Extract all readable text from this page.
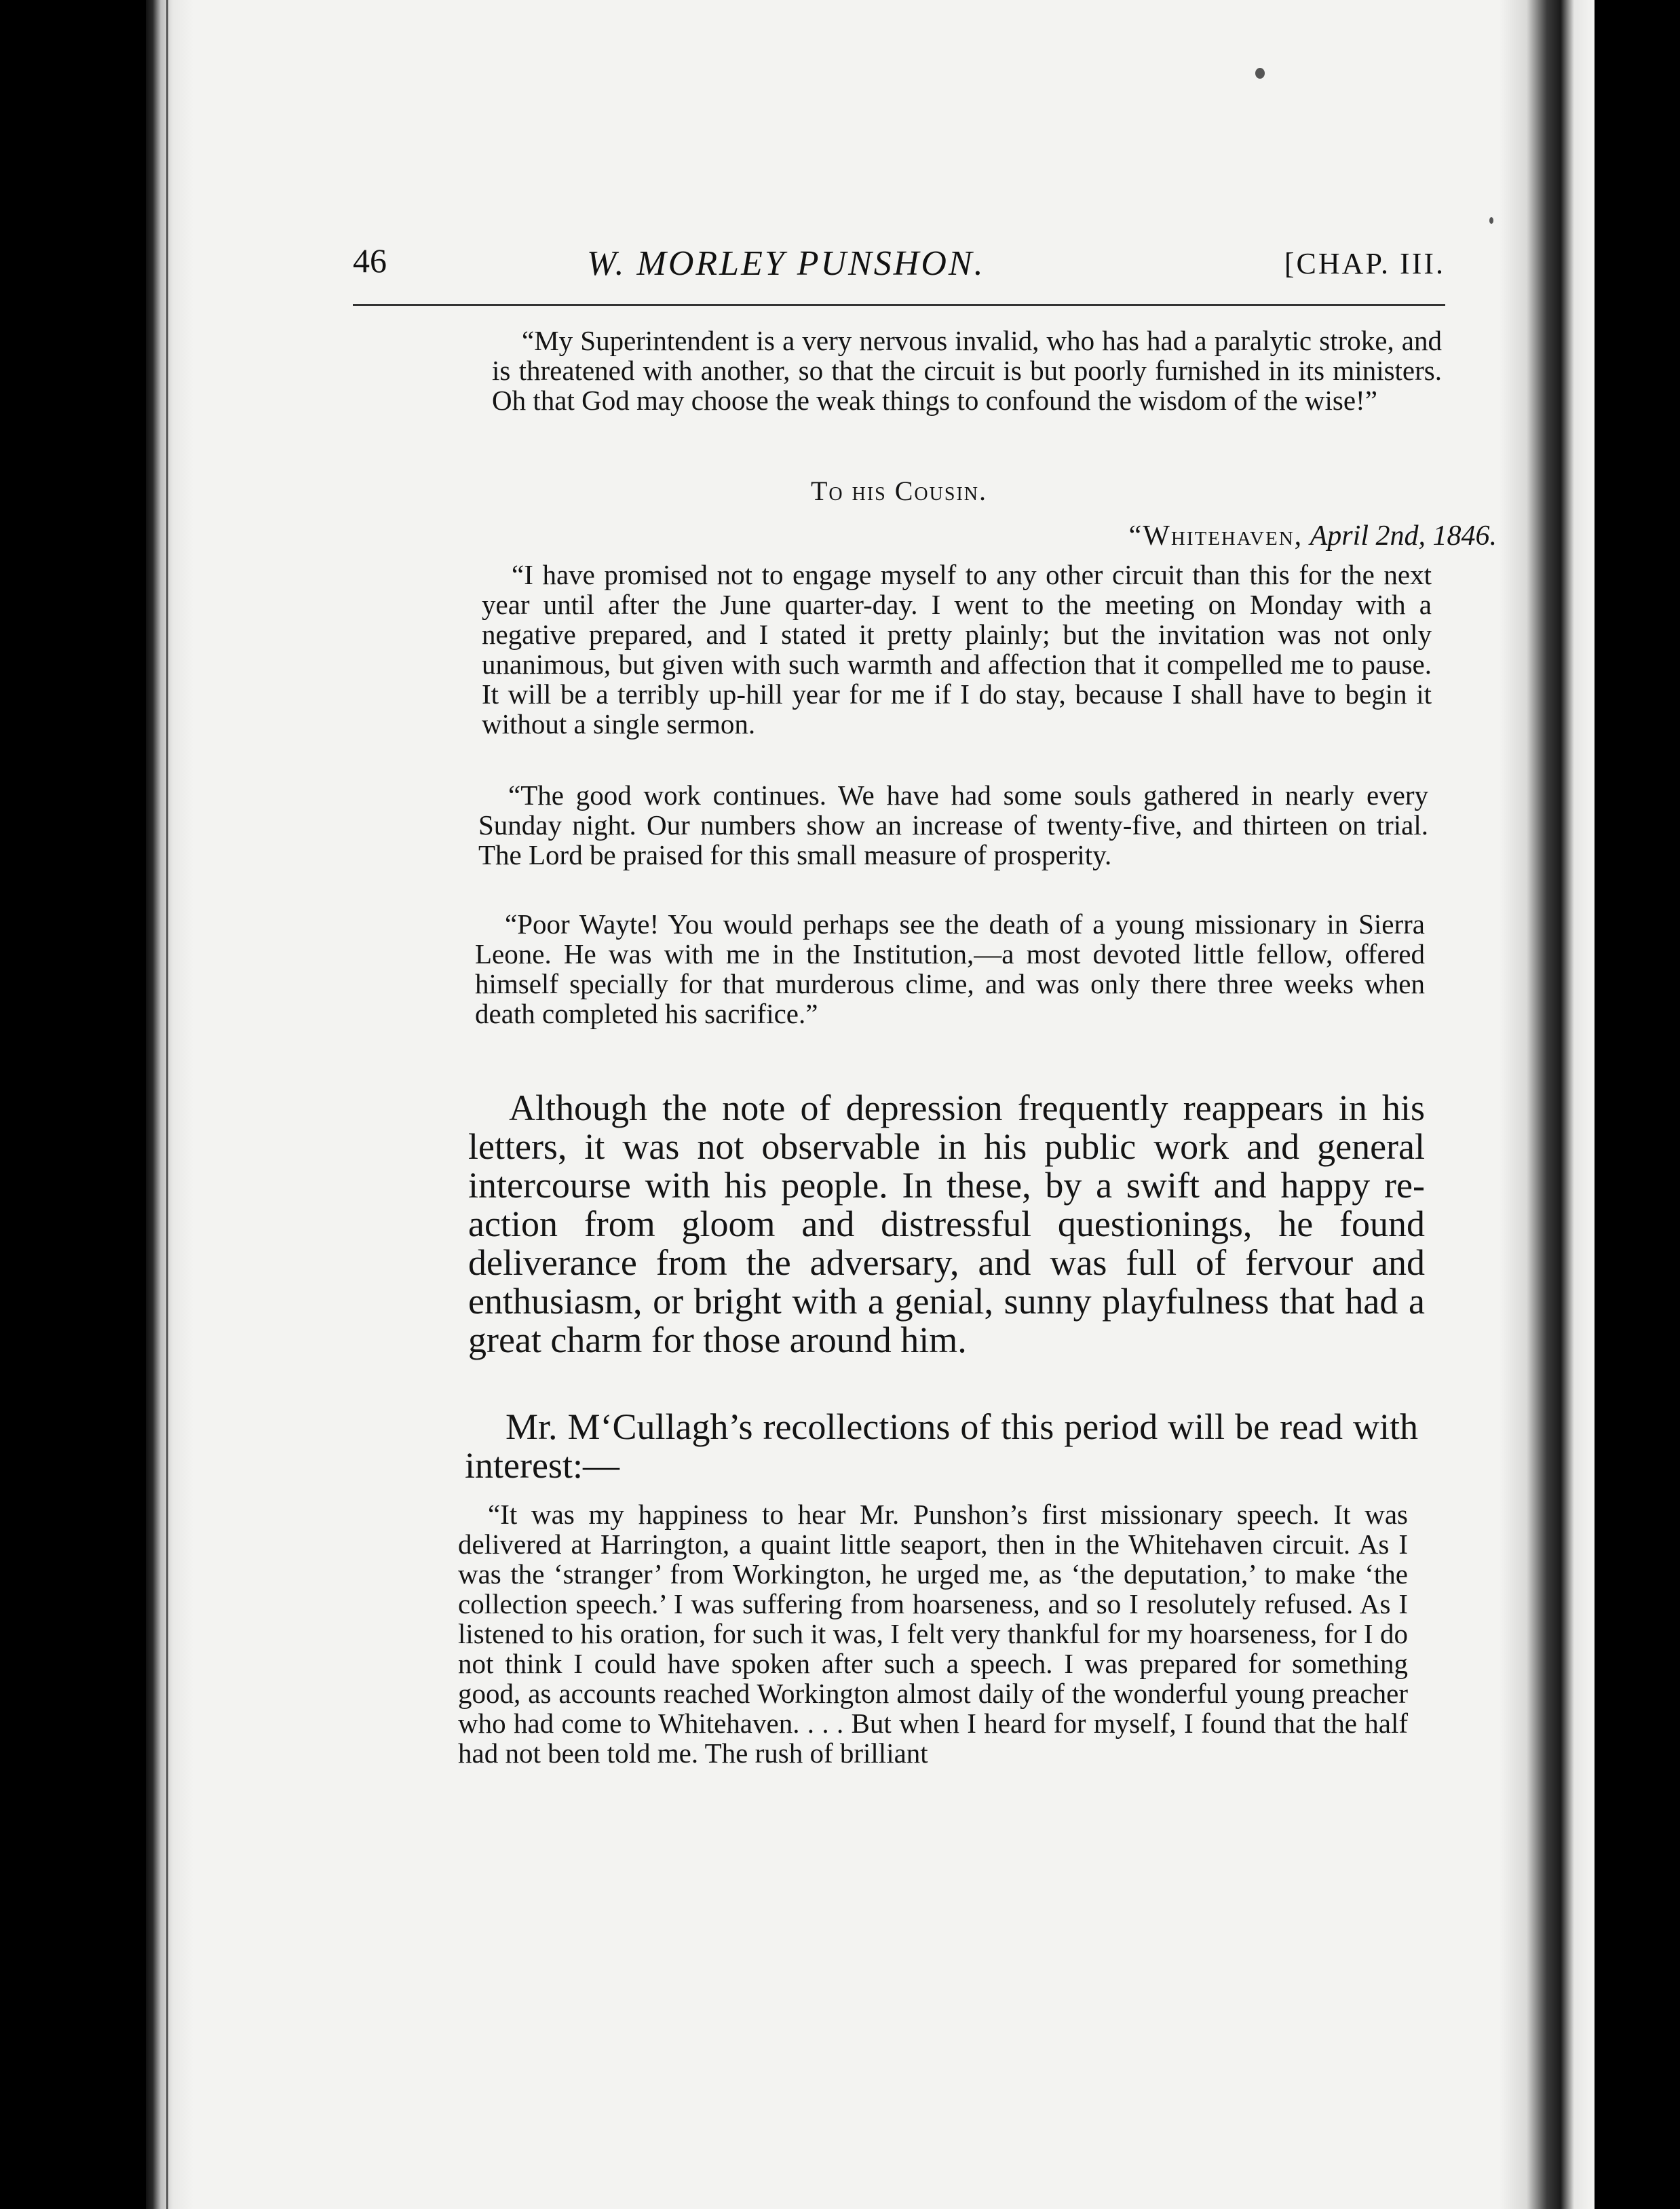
46	W. MORLEY PUNSHON.	[CHAP. III.

“My Superintendent is a very nervous invalid, who has had a paralytic stroke, and is threatened with another, so that the circuit is but poorly furnished in its ministers. Oh that God may choose the weak things to confound the wisdom of the wise!”

To his Cousin.
“Whitehaven, April 2nd, 1846.

“I have promised not to engage myself to any other circuit than this for the next year until after the June quarter-day. I went to the meeting on Monday with a negative prepared, and I stated it pretty plainly; but the invitation was not only unanimous, but given with such warmth and affection that it compelled me to pause. It will be a terribly up-hill year for me if I do stay, because I shall have to begin it without a single sermon.

“The good work continues. We have had some souls gathered in nearly every Sunday night. Our numbers show an increase of twenty-five, and thirteen on trial. The Lord be praised for this small measure of prosperity.

“Poor Wayte! You would perhaps see the death of a young missionary in Sierra Leone. He was with me in the Institution,—a most devoted little fellow, offered himself specially for that murderous clime, and was only there three weeks when death completed his sacrifice.”

Although the note of depression frequently reappears in his letters, it was not observable in his public work and general intercourse with his people. In these, by a swift and happy re-action from gloom and distressful questionings, he found deliverance from the adversary, and was full of fervour and enthusiasm, or bright with a genial, sunny playfulness that had a great charm for those around him.

Mr. M‘Cullagh’s recollections of this period will be read with interest:—

“It was my happiness to hear Mr. Punshon’s first missionary speech. It was delivered at Harrington, a quaint little seaport, then in the Whitehaven circuit. As I was the ‘stranger’ from Workington, he urged me, as ‘the deputation,’ to make ‘the collection speech.’ I was suffering from hoarseness, and so I resolutely refused. As I listened to his oration, for such it was, I felt very thankful for my hoarseness, for I do not think I could have spoken after such a speech. I was prepared for something good, as accounts reached Workington almost daily of the wonderful young preacher who had come to Whitehaven. . . . But when I heard for myself, I found that the half had not been told me. The rush of brilliant
